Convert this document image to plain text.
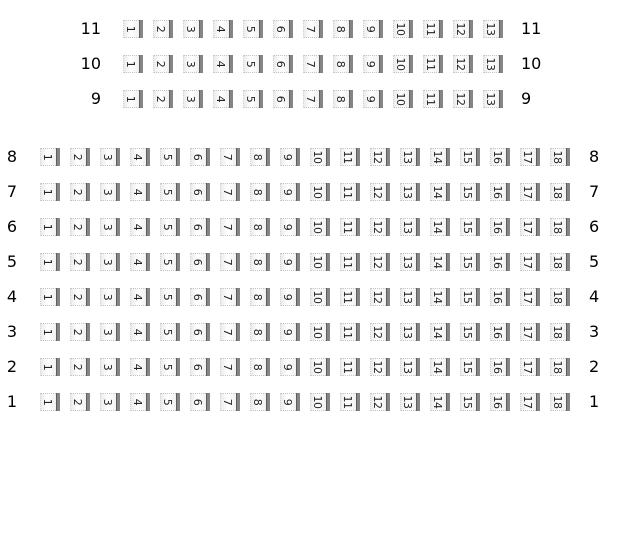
11 1 2 3 4 5 6 7 8 9 10 11 12 13 11
10 1 2 3 4 5 6 7 8 9 10 11 12 13 10
9 1 2 3 4 5 6 7 8 9 10 11 12 13 9
8 1 2 3 4 5 6 7 8 9 10 11 12 13 14 15 16 17 18 8
7 1 2 3 4 5 6 7 8 9 10 11 12 13 14 15 16 17 18 7
6 1 2 3 4 5 6 7 8 9 10 11 12 13 14 15 16 17 18 6
5 1 2 3 4 5 6 7 8 9 10 11 12 13 14 15 16 17 18 5
4 1 2 3 4 5 6 7 8 9 10 11 12 13 14 15 16 17 18 4
3 1 2 3 4 5 6 7 8 9 10 11 12 13 14 15 16 17 18 3
2 1 2 3 4 5 6 7 8 9 10 11 12 13 14 15 16 17 18 2
1 1 2 3 4 5 6 7 8 9 10 11 12 13 14 15 16 17 18 1
